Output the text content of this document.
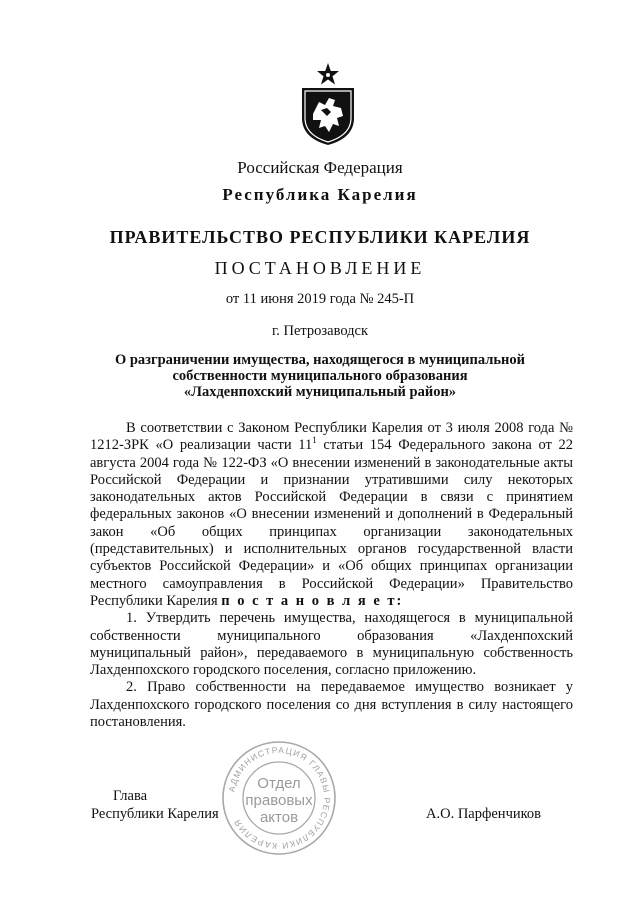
Российская Федерация
Республика Карелия
ПРАВИТЕЛЬСТВО РЕСПУБЛИКИ КАРЕЛИЯ
ПОСТАНОВЛЕНИЕ
от 11 июня 2019 года № 245-П
г. Петрозаводск
О разграничении имущества, находящегося в муниципальной
собственности муниципального образования
«Лахденпохский муниципальный район»

В соответствии с Законом Республики Карелия от 3 июля 2008 года № 1212-ЗРК «О реализации части $11^1$ статьи 154 Федерального закона от 22 августа 2004 года № 122-ФЗ «О внесении изменений в законодательные акты Российской Федерации и признании утратившими силу некоторых законодательных актов Российской Федерации в связи с принятием федеральных законов «О внесении изменений и дополнений в Федеральный закон «Об общих принципах организации законодательных (представительных) и исполнительных органов государственной власти субъектов Российской Федерации» и «Об общих принципах организации местного самоуправления в Российской Федерации» Правительство Республики Карелия п о с т а н о в л я е т:

1. Утвердить перечень имущества, находящегося в муниципальной собственности муниципального образования «Лахденпохский муниципальный район», передаваемого в муниципальную собственность Лахденпохского городского поселения, согласно приложению.

2. Право собственности на передаваемое имущество возникает у Лахденпохского городского поселения со дня вступления в силу настоящего постановления.

Глава
Республики Карелия	А.О. Парфенчиков
АДМИНИСТРАЦИЯ ГЛАВЫ РЕСПУБЛИКИ КАРЕЛИЯ
Отдел
правовых
актов
